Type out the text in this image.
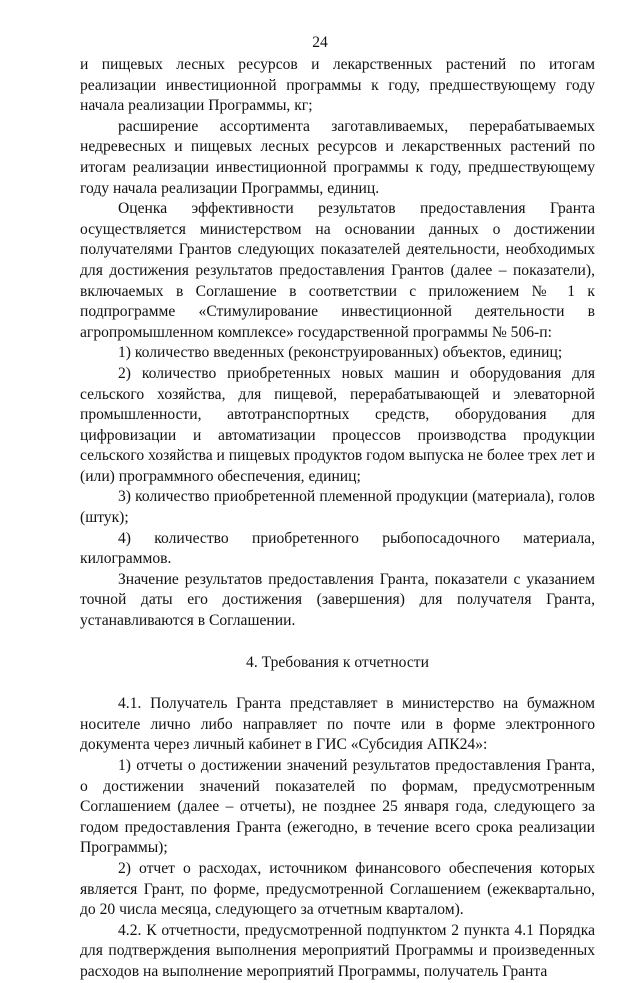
24

и пищевых лесных ресурсов и лекарственных растений по итогам реализации инвестиционной программы к году, предшествующему году начала реализации Программы, кг;

расширение ассортимента заготавливаемых, перерабатываемых недревесных и пищевых лесных ресурсов и лекарственных растений по итогам реализации инвестиционной программы к году, предшествующему году начала реализации Программы, единиц.

Оценка эффективности результатов предоставления Гранта осуществляется министерством на основании данных о достижении получателями Грантов следующих показателей деятельности, необходимых для достижения результатов предоставления Грантов (далее – показатели), включаемых в Соглашение в соответствии с приложением № 1 к подпрограмме «Стимулирование инвестиционной деятельности в агропромышленном комплексе» государственной программы № 506-п:

1) количество введенных (реконструированных) объектов, единиц;

2) количество приобретенных новых машин и оборудования для сельского хозяйства, для пищевой, перерабатывающей и элеваторной промышленности, автотранспортных средств, оборудования для цифровизации и автоматизации процессов производства продукции сельского хозяйства и пищевых продуктов годом выпуска не более трех лет и (или) программного обеспечения, единиц;

3) количество приобретенной племенной продукции (материала), голов (штук);

4) количество приобретенного рыбопосадочного материала, килограммов.

Значение результатов предоставления Гранта, показатели с указанием точной даты его достижения (завершения) для получателя Гранта, устанавливаются в Соглашении.

4. Требования к отчетности

4.1. Получатель Гранта представляет в министерство на бумажном носителе лично либо направляет по почте или в форме электронного документа через личный кабинет в ГИС «Субсидия АПК24»:

1) отчеты о достижении значений результатов предоставления Гранта, о достижении значений показателей по формам, предусмотренным Соглашением (далее – отчеты), не позднее 25 января года, следующего за годом предоставления Гранта (ежегодно, в течение всего срока реализации Программы);

2) отчет о расходах, источником финансового обеспечения которых является Грант, по форме, предусмотренной Соглашением (ежеквартально, до 20 числа месяца, следующего за отчетным кварталом).

4.2. К отчетности, предусмотренной подпунктом 2 пункта 4.1 Порядка для подтверждения выполнения мероприятий Программы и произведенных расходов на выполнение мероприятий Программы, получатель Гранта
